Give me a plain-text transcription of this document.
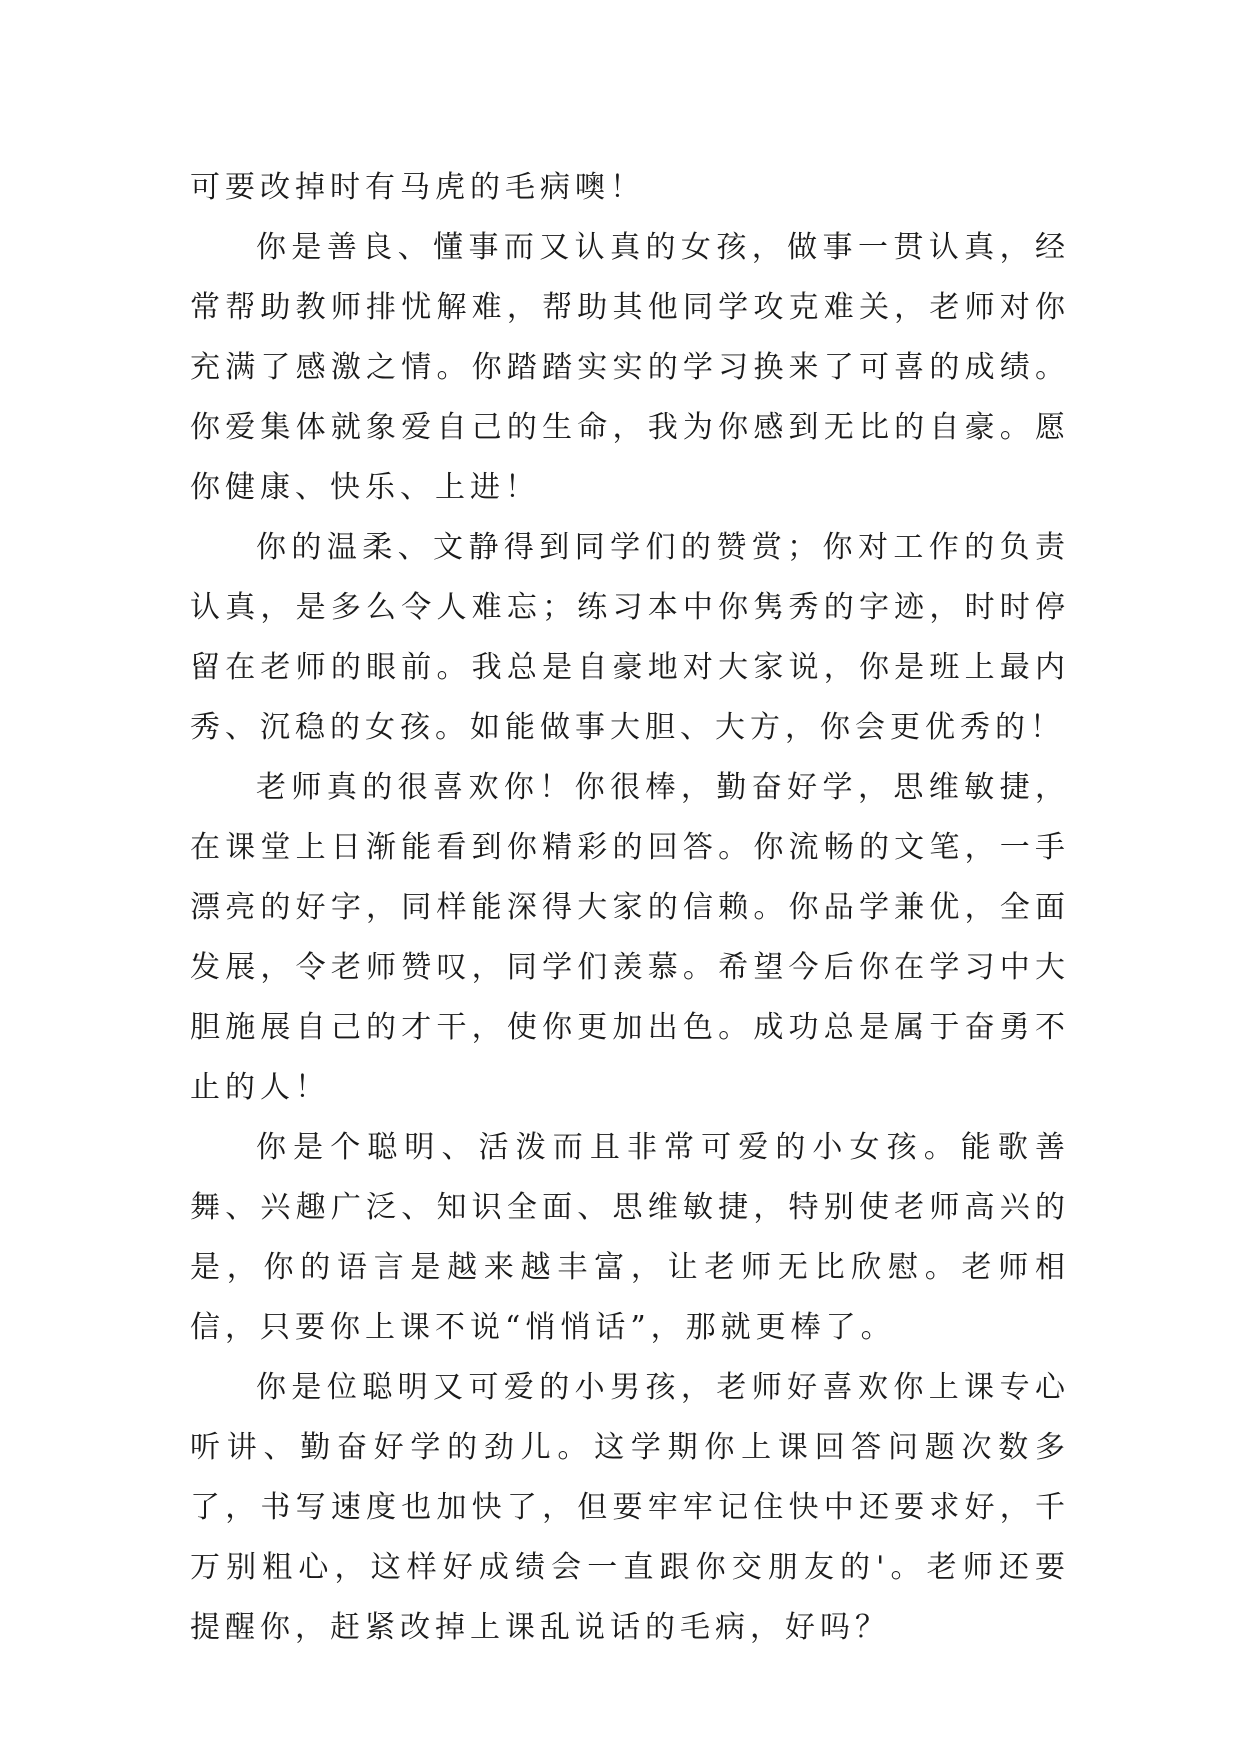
可要改掉时有马虎的毛病噢！

你是善良、懂事而又认真的女孩，做事一贯认真，经常帮助教师排忧解难，帮助其他同学攻克难关，老师对你充满了感激之情。你踏踏实实的学习换来了可喜的成绩。你爱集体就象爱自己的生命，我为你感到无比的自豪。愿你健康、快乐、上进！

你的温柔、文静得到同学们的赞赏；你对工作的负责认真，是多么令人难忘；练习本中你隽秀的字迹，时时停留在老师的眼前。我总是自豪地对大家说，你是班上最内秀、沉稳的女孩。如能做事大胆、大方，你会更优秀的！

老师真的很喜欢你！你很棒，勤奋好学，思维敏捷，在课堂上日渐能看到你精彩的回答。你流畅的文笔，一手漂亮的好字，同样能深得大家的信赖。你品学兼优，全面发展，令老师赞叹，同学们羡慕。希望今后你在学习中大胆施展自己的才干，使你更加出色。成功总是属于奋勇不止的人！

你是个聪明、活泼而且非常可爱的小女孩。能歌善舞、兴趣广泛、知识全面、思维敏捷，特别使老师高兴的是，你的语言是越来越丰富，让老师无比欣慰。老师相信，只要你上课不说“悄悄话”，那就更棒了。

你是位聪明又可爱的小男孩，老师好喜欢你上课专心听讲、勤奋好学的劲儿。这学期你上课回答问题次数多了，书写速度也加快了，但要牢牢记住快中还要求好，千万别粗心，这样好成绩会一直跟你交朋友的'。老师还要提醒你，赶紧改掉上课乱说话的毛病，好吗？
